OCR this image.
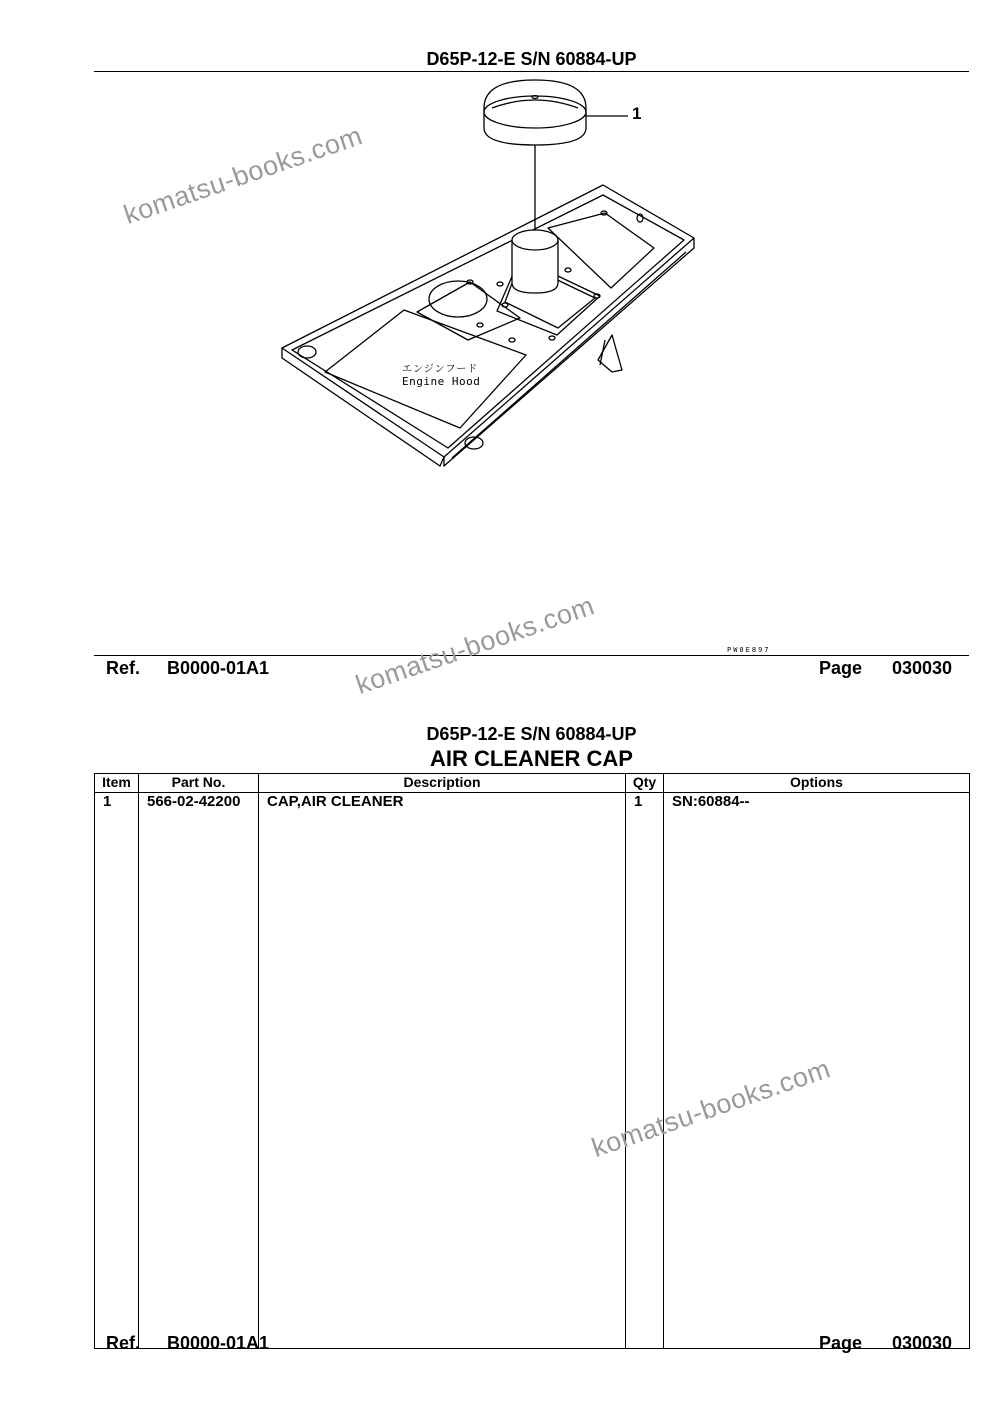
D65P-12-E S/N 60884-UP
1
エンジンフード
Engine Hood
PW0E897
Ref. B0000-01A1	Page 030030
D65P-12-E S/N 60884-UP
AIR CLEANER CAP
Item	Part No.	Description	Qty	Options
1	566-02-42200	CAP,AIR CLEANER	1	SN:60884--

Ref. B0000-01A1	Page 030030
komatsu-books.com
komatsu-books.com
komatsu-books.com
